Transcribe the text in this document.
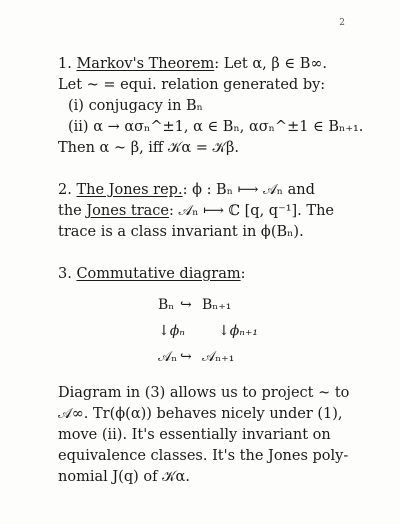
2
1. Markov's Theorem: Let α, β ∈ B∞.
Let ~ = equi. relation generated by:
(i) conjugacy in Bₙ
(ii) α → ασₙ^±1, α ∈ Bₙ, ασₙ^±1 ∈ Bₙ₊₁.
Then α ~ β, iff 𝒦α = 𝒦β.
2. The Jones rep.: ϕ : Bₙ ⟼ 𝒜ₙ and
the Jones trace: 𝒜ₙ ⟼ ℂ [q, q⁻¹]. The
trace is a class invariant in ϕ(Bₙ).
3. Commutative diagram:
Bₙ ↪ Bₙ₊₁
↓ϕₙ ↓ϕₙ₊₁
𝒜ₙ ↪ 𝒜ₙ₊₁
Diagram in (3) allows us to project ~ to
𝒜∞. Tr(ϕ(α)) behaves nicely under (1),
move (ii). It's essentially invariant on
equivalence classes. It's the Jones poly-
nomial J(q) of 𝒦α.
